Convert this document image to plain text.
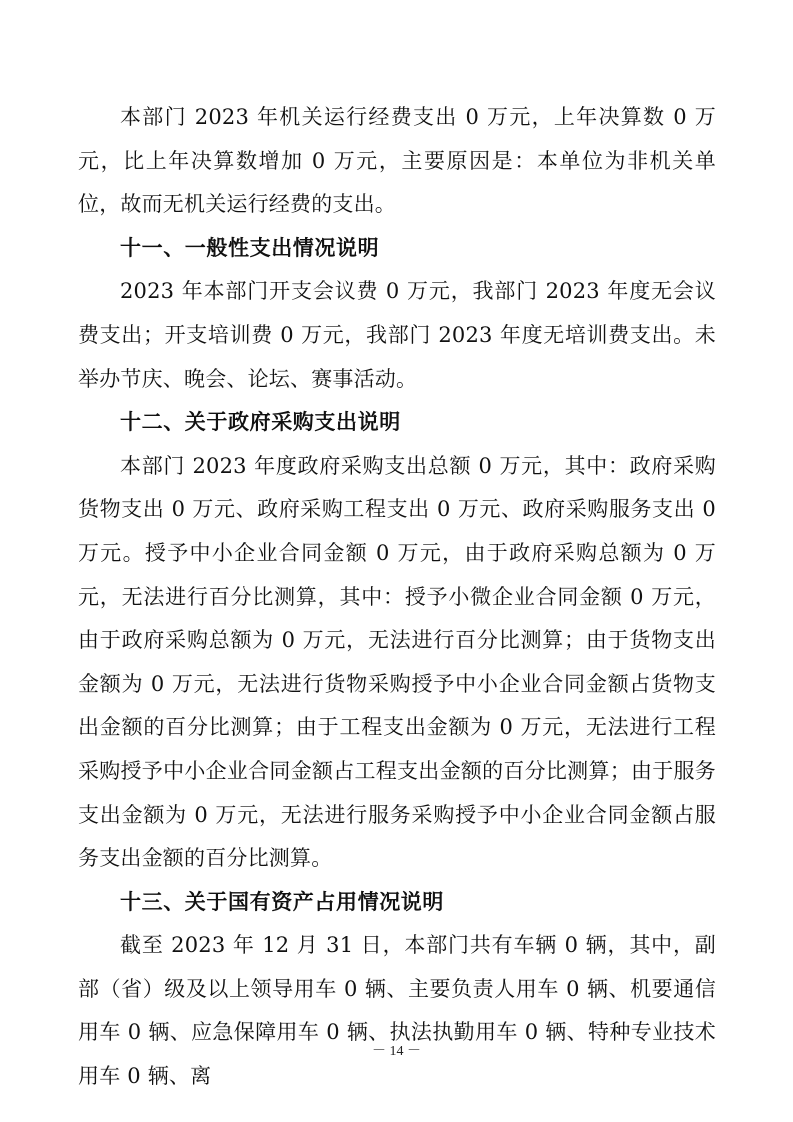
本部门 2023 年机关运行经费支出 0 万元，上年决算数 0 万元，比上年决算数增加 0 万元，主要原因是：本单位为非机关单位，故而无机关运行经费的支出。

十一、一般性支出情况说明

2023 年本部门开支会议费 0 万元，我部门 2023 年度无会议费支出；开支培训费 0 万元，我部门 2023 年度无培训费支出。未举办节庆、晚会、论坛、赛事活动。

十二、关于政府采购支出说明

本部门 2023 年度政府采购支出总额 0 万元，其中：政府采购货物支出 0 万元、政府采购工程支出 0 万元、政府采购服务支出 0 万元。授予中小企业合同金额 0 万元，由于政府采购总额为 0 万元，无法进行百分比测算，其中：授予小微企业合同金额 0 万元，由于政府采购总额为 0 万元，无法进行百分比测算；由于货物支出金额为 0 万元，无法进行货物采购授予中小企业合同金额占货物支出金额的百分比测算；由于工程支出金额为 0 万元，无法进行工程采购授予中小企业合同金额占工程支出金额的百分比测算；由于服务支出金额为 0 万元，无法进行服务采购授予中小企业合同金额占服务支出金额的百分比测算。

十三、关于国有资产占用情况说明

截至 2023 年 12 月 31 日，本部门共有车辆 0 辆，其中，副部（省）级及以上领导用车 0 辆、主要负责人用车 0 辆、机要通信用车 0 辆、应急保障用车 0 辆、执法执勤用车 0 辆、特种专业技术用车 0 辆、离

－ 14 －
